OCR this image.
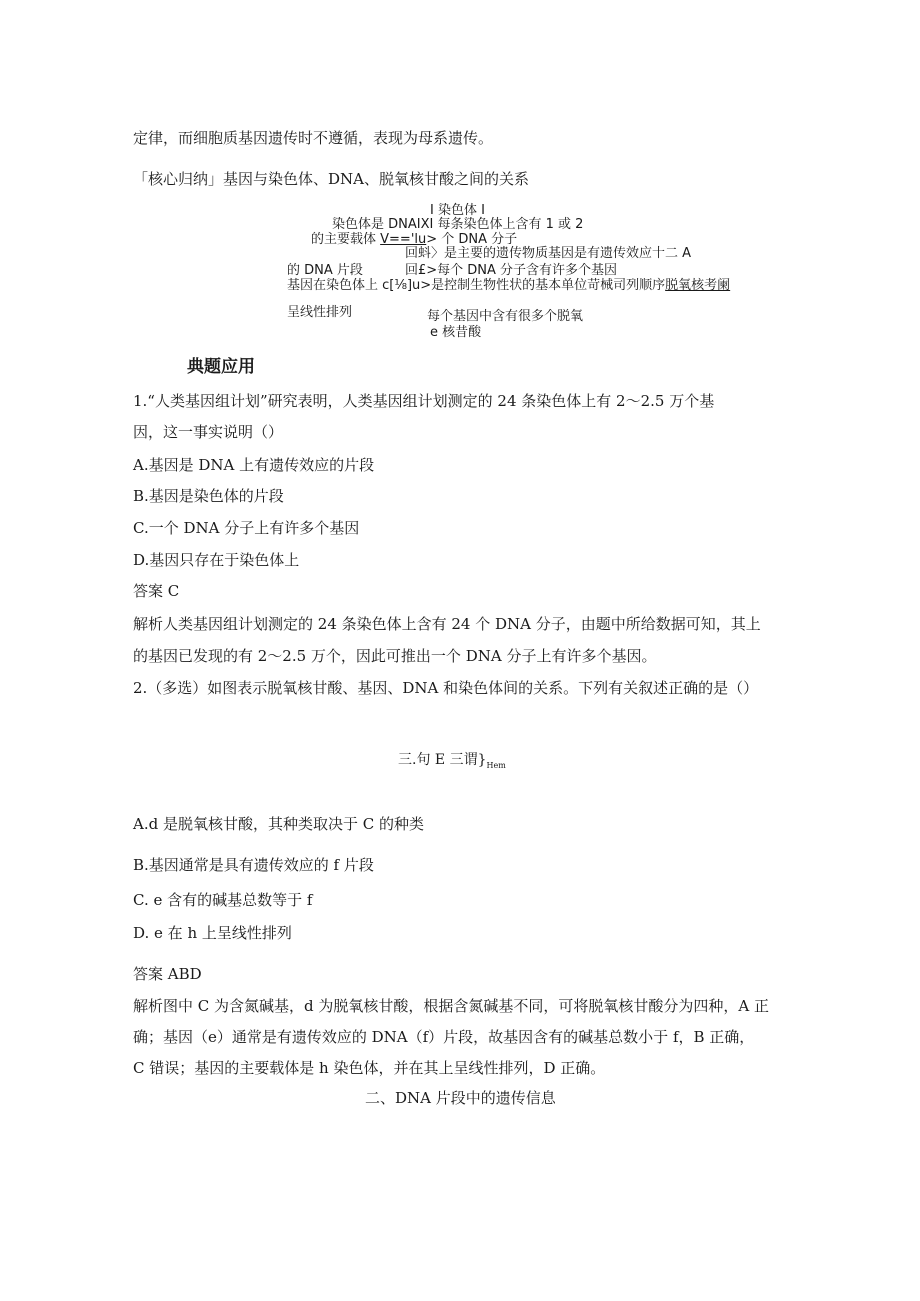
定律，而细胞质基因遗传时不遵循，表现为母系遗传。
「核心归纳」基因与染色体、DNA、脱氧核甘酸之间的关系
I 染色体 I
染色体是 DNAIXI 每条染色体上含有 1 或 2
的主要载体 V=='lu> 个 DNA 分子
回蚪〉是主要的遗传物质基因是有遗传效应十二 A
的 DNA 片段	回£>每个 DNA 分子含有许多个基因
基因在染色体上 c[⅛]u>是控制生物性状的基本单位苛械司列顺序脱氧核考阑
呈线性排列	每个基因中含有很多个脱氧
e 核昔酸
典题应用
1.“人类基因组计划”研究表明，人类基因组计划测定的 24 条染色体上有 2～2.5 万个基
因，这一事实说明（）
A.基因是 DNA 上有遗传效应的片段
B.基因是染色体的片段
C.一个 DNA 分子上有许多个基因
D.基因只存在于染色体上
答案 C
解析人类基因组计划测定的 24 条染色体上含有 24 个 DNA 分子，由题中所给数据可知，其上
的基因已发现的有 2～2.5 万个，因此可推出一个 DNA 分子上有许多个基因。
2.（多选）如图表示脱氧核甘酸、基因、DNA 和染色体间的关系。下列有关叙述正确的是（）
三.句 E 三谓}$_{Hem}$
A.d 是脱氧核甘酸，其种类取决于 C 的种类
B.基因通常是具有遗传效应的 f 片段
C. e 含有的碱基总数等于 f
D. e 在 h 上呈线性排列
答案 ABD
解析图中 C 为含氮碱基，d 为脱氧核甘酸，根据含氮碱基不同，可将脱氧核甘酸分为四种，A 正
确；基因（e）通常是有遗传效应的 DNA（f）片段，故基因含有的碱基总数小于 f，B 正确，
C 错误；基因的主要载体是 h 染色体，并在其上呈线性排列，D 正确。
二、DNA 片段中的遗传信息
